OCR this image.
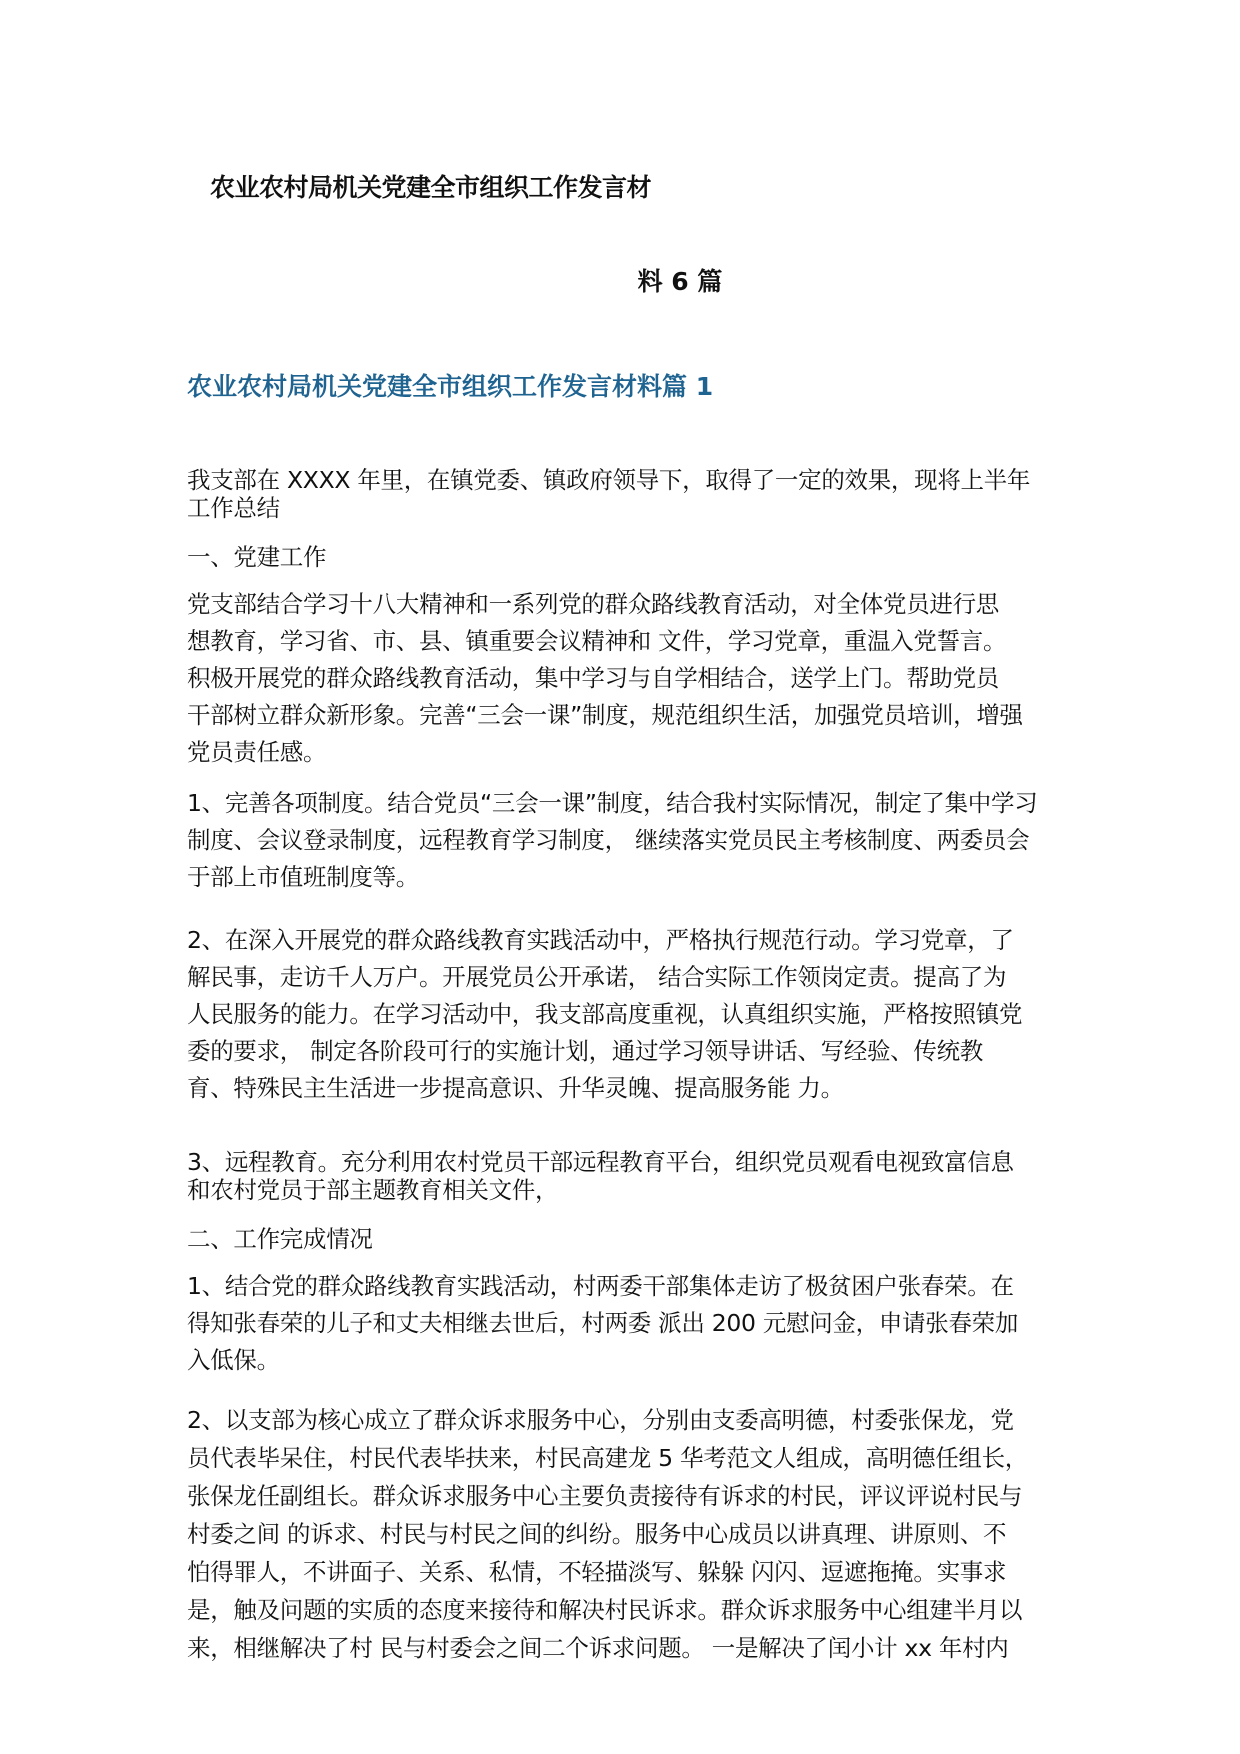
农业农村局机关党建全市组织工作发言材
料 6 篇
农业农村局机关党建全市组织工作发言材料篇 1
我支部在 XXXX 年里，在镇党委、镇政府领导下，取得了一定的效果，现将上半年
工作总结
一、党建工作
党支部结合学习十八大精神和一系列党的群众路线教育活动，对全体党员进行思
想教育，学习省、市、县、镇重要会议精神和 文件，学习党章，重温入党誓言。
积极开展党的群众路线教育活动，集中学习与自学相结合，送学上门。帮助党员
干部树立群众新形象。完善“三会一课”制度，规范组织生活，加强党员培训，增强
党员责任感。
1、完善各项制度。结合党员“三会一课”制度，结合我村实际情况，制定了集中学习
制度、会议登录制度，远程教育学习制度， 继续落实党员民主考核制度、两委员会
于部上市值班制度等。
2、在深入开展党的群众路线教育实践活动中，严格执行规范行动。学习党章，了
解民事，走访千人万户。开展党员公开承诺， 结合实际工作领岗定责。提高了为
人民服务的能力。在学习活动中，我支部高度重视，认真组织实施，严格按照镇党
委的要求， 制定各阶段可行的实施计划，通过学习领导讲话、写经验、传统教
育、特殊民主生活进一步提高意识、升华灵魄、提高服务能 力。
3、远程教育。充分利用农村党员干部远程教育平台，组织党员观看电视致富信息
和农村党员于部主题教育相关文件，
二、工作完成情况
1、结合党的群众路线教育实践活动，村两委干部集体走访了极贫困户张春荣。在
得知张春荣的儿子和丈夫相继去世后，村两委 派出 200 元慰问金，申请张春荣加
入低保。
2、以支部为核心成立了群众诉求服务中心，分别由支委高明德，村委张保龙，党
员代表毕呆住，村民代表毕扶来，村民高建龙 5 华考范文人组成，高明德任组长，
张保龙任副组长。群众诉求服务中心主要负责接待有诉求的村民，评议评说村民与
村委之间 的诉求、村民与村民之间的纠纷。服务中心成员以讲真理、讲原则、不
怕得罪人，不讲面子、关系、私情，不轻描淡写、躲躲 闪闪、逗遮拖掩。实事求
是，触及问题的实质的态度来接待和解决村民诉求。群众诉求服务中心组建半月以
来，相继解决了村 民与村委会之间二个诉求问题。 一是解决了闰小计 xx 年村内
